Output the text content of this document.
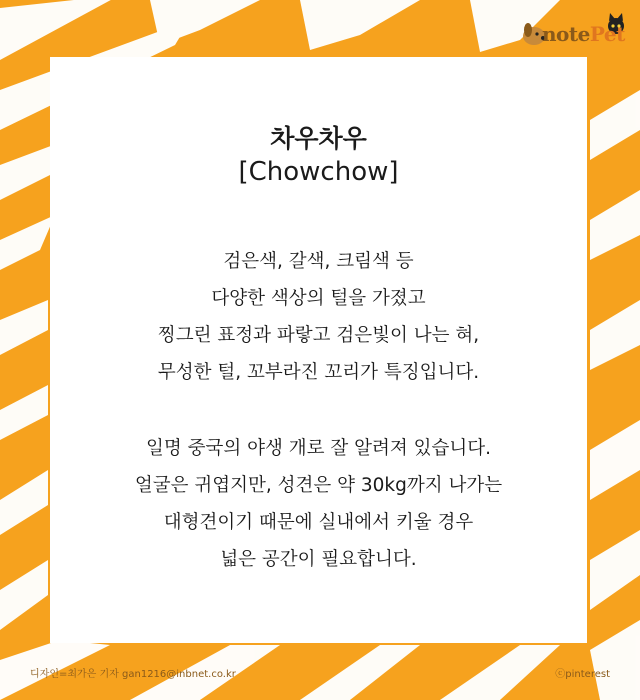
notePet
차우차우
[Chowchow]
검은색, 갈색, 크림색 등
다양한 색상의 털을 가졌고
찡그린 표정과 파랗고 검은빛이 나는 혀,
무성한 털, 꼬부라진 꼬리가 특징입니다.
일명 중국의 야생 개로 잘 알려져 있습니다.
얼굴은 귀엽지만, 성견은 약 30kg까지 나가는
대형견이기 때문에 실내에서 키울 경우
넓은 공간이 필요합니다.
디자인=최가은 기자 gan1216@inbnet.co.kr	ⓒpinterest
